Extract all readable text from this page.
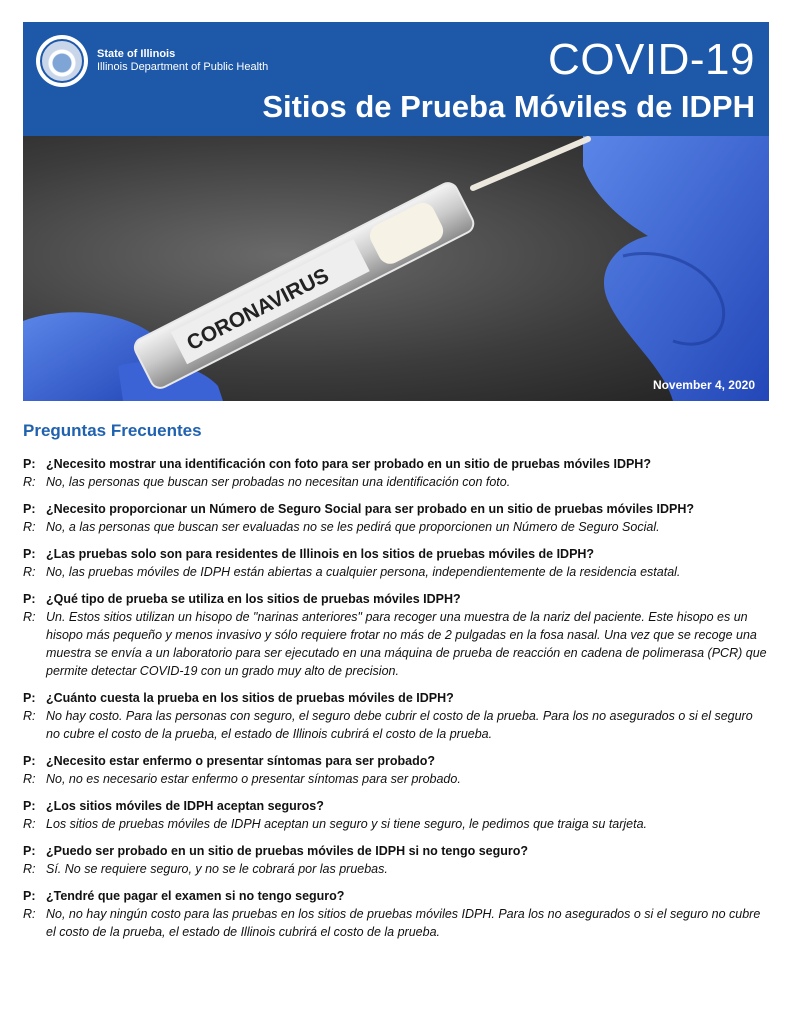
State of Illinois
Illinois Department of Public Health	COVID-19
Sitios de Prueba Móviles de IDPH
CORONAVIRUS
November 4, 2020
Preguntas Frecuentes
P: ¿Necesito mostrar una identificación con foto para ser probado en un sitio de pruebas móviles IDPH?
R: No, las personas que buscan ser probadas no necesitan una identificación con foto.
P: ¿Necesito proporcionar un Número de Seguro Social para ser probado en un sitio de pruebas móviles IDPH?
R: No, a las personas que buscan ser evaluadas no se les pedirá que proporcionen un Número de Seguro Social.
P: ¿Las pruebas solo son para residentes de Illinois en los sitios de pruebas móviles de IDPH?
R: No, las pruebas móviles de IDPH están abiertas a cualquier persona, independientemente de la residencia estatal.
P: ¿Qué tipo de prueba se utiliza en los sitios de pruebas móviles IDPH?
R: Un. Estos sitios utilizan un hisopo de "narinas anteriores" para recoger una muestra de la nariz del paciente. Este hisopo es un hisopo más pequeño y menos invasivo y sólo requiere frotar no más de 2 pulgadas en la fosa nasal. Una vez que se recoge una muestra se envía a un laboratorio para ser ejecutado en una máquina de prueba de reacción en cadena de polimerasa (PCR) que permite detectar COVID-19 con un grado muy alto de precision.
P: ¿Cuánto cuesta la prueba en los sitios de pruebas móviles de IDPH?
R: No hay costo. Para las personas con seguro, el seguro debe cubrir el costo de la prueba. Para los no asegurados o si el seguro no cubre el costo de la prueba, el estado de Illinois cubrirá el costo de la prueba.
P: ¿Necesito estar enfermo o presentar síntomas para ser probado?
R: No, no es necesario estar enfermo o presentar síntomas para ser probado.
P: ¿Los sitios móviles de IDPH aceptan seguros?
R: Los sitios de pruebas móviles de IDPH aceptan un seguro y si tiene seguro, le pedimos que traiga su tarjeta.
P: ¿Puedo ser probado en un sitio de pruebas móviles de IDPH si no tengo seguro?
R: Sí. No se requiere seguro, y no se le cobrará por las pruebas.
P: ¿Tendré que pagar el examen si no tengo seguro?
R: No, no hay ningún costo para las pruebas en los sitios de pruebas móviles IDPH. Para los no asegurados o si el seguro no cubre el costo de la prueba, el estado de Illinois cubrirá el costo de la prueba.
